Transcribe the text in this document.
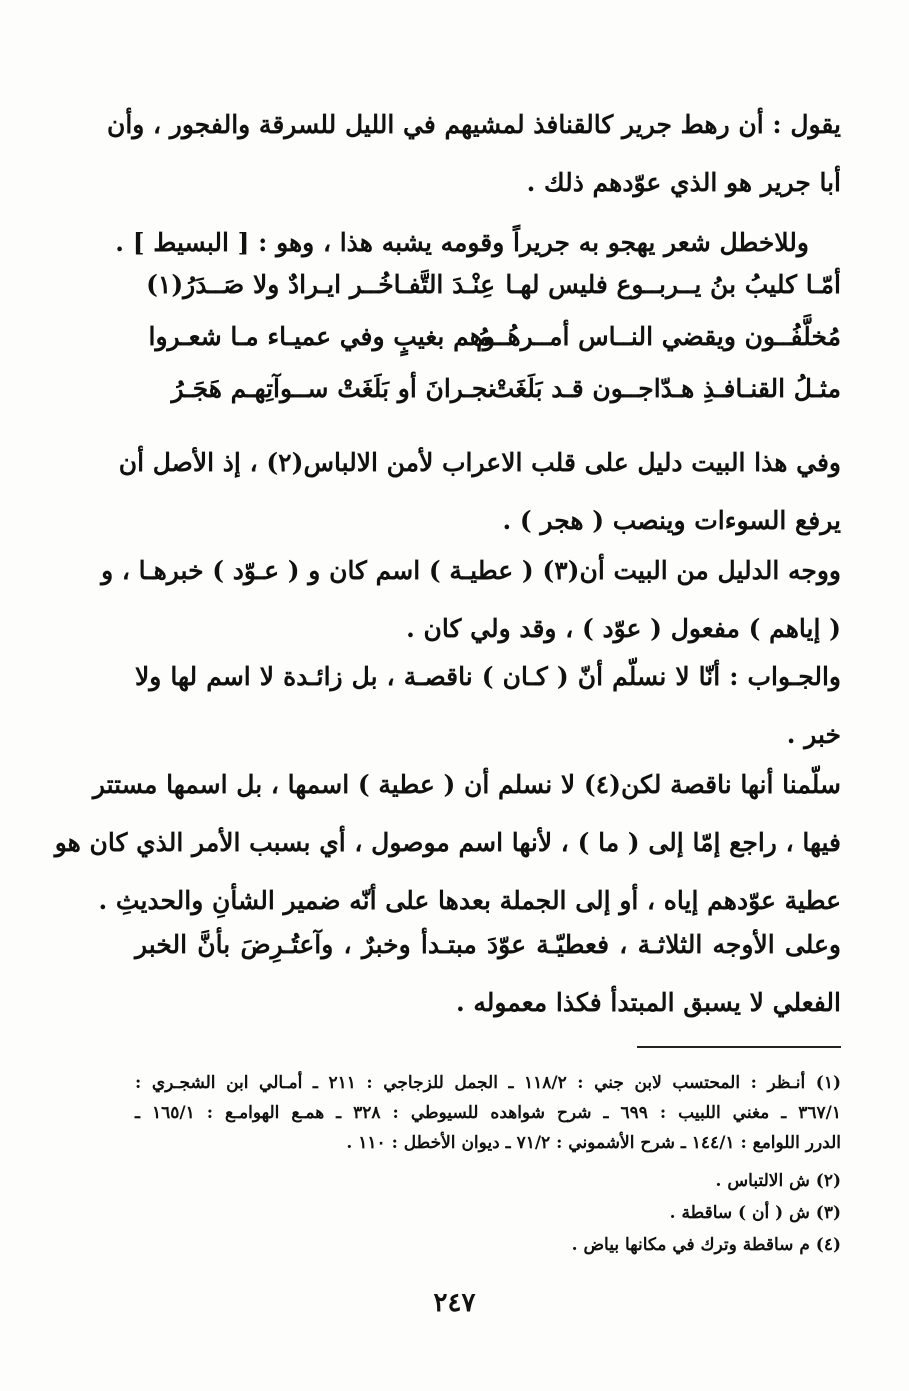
يقول : أن رهط جرير كالقنافذ لمشيهم في الليل للسرقة والفجور ، وأن
أبا جرير هو الذي عوّدهم ذلك .
وللاخطل شعر يهجو به جريراً وقومه يشبه هذا ، وهو : [ البسيط ] .
أمّـا كليبُ بنُ يــربــوع فليس لهـا
عِنْـدَ التَّفـاخُــر ايـرادٌ ولا صَــدَرُ(١)
مُخلَّفُــون ويقضي النــاس أمــرهُــمُ
وهم بغيبٍ وفي عميـاء مـا شعـروا
مثـلُ القنـافـذِ هـدّاجــون قـد بَلَغَتْ
نجـرانَ أو بَلَغَتْ ســوآتِهـم هَجَـرُ
وفي هذا البيت دليل على قلب الاعراب لأمن الالباس(٢) ، إذ الأصل أن
يرفع السوءات وينصب ( هجر ) .
ووجه الدليل من البيت أن(٣) ( عطيـة ) اسم كان و ( عـوّد ) خبرهـا ، و
( إياهم ) مفعول ( عوّد ) ، وقد ولي كان .
والجـواب : أنّا لا نسلّم أنّ ( كـان ) ناقصـة ، بل زائـدة لا اسم لها ولا
خبر .
سلّمنا أنها ناقصة لكن(٤) لا نسلم أن ( عطية ) اسمها ، بل اسمها مستتر
فيها ، راجع إمّا إلى ( ما ) ، لأنها اسم موصول ، أي بسبب الأمر الذي كان هو
عطية عوّدهم إياه ، أو إلى الجملة بعدها على أنّه ضمير الشأنِ والحديثِ .
وعلى الأوجه الثلاثـة ، فعطيّـة عوّدَ مبتـدأ وخبرٌ ، وآعتُـرِضَ بأنَّ الخبر
الفعلي لا يسبق المبتدأ فكذا معموله .
(١) أنـظر : المحتسب لابن جني : ١١٨/٢ ـ الجمل للزجاجي : ٢١١ ـ أمـالي ابن الشجـري :
٣٦٧/١ ـ مغني اللبيب : ٦٩٩ ـ شرح شواهده للسيوطي : ٣٢٨ ـ همـع الهوامـع : ١٦٥/١ ـ
الدرر اللوامع : ١٤٤/١ ـ شرح الأشموني : ٧١/٢ ـ ديوان الأخطل : ١١٠ .
(٢) ش الالتباس .
(٣) ش ( أن ) ساقطة .
(٤) م ساقطة وترك في مكانها بياض .
٢٤٧
